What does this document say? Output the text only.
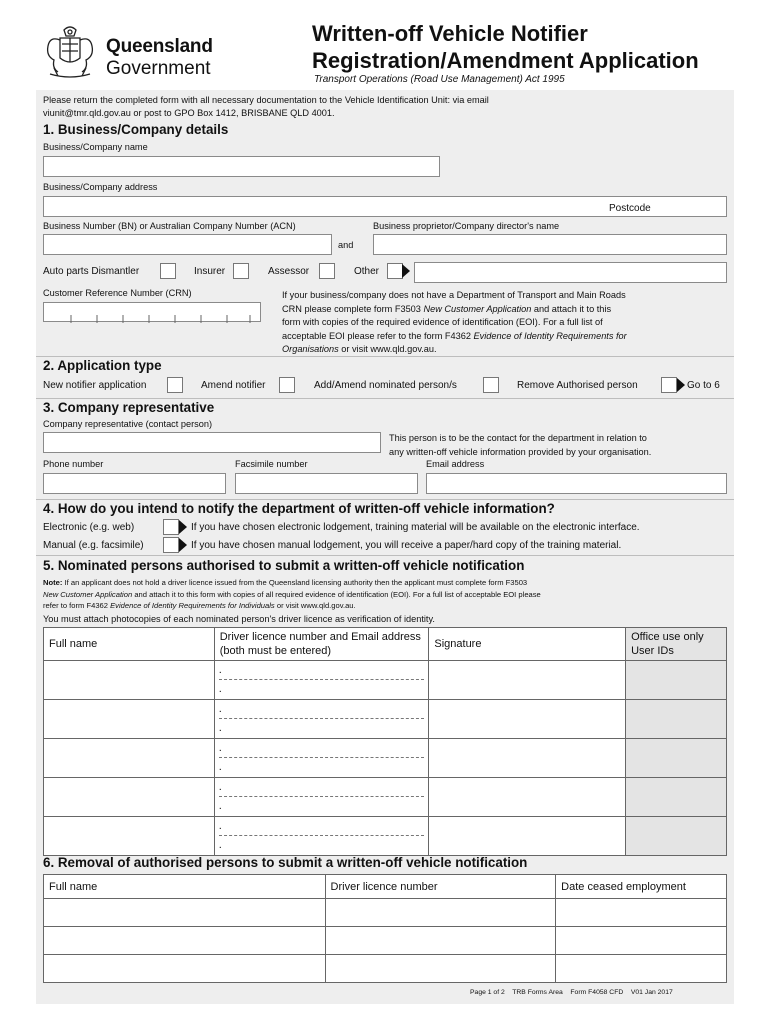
Queensland
Government
Written-off Vehicle Notifier
Registration/Amendment Application
Transport Operations (Road Use Management) Act 1995
Please return the completed form with all necessary documentation to the Vehicle Identification Unit: via email
viunit@tmr.qld.gov.au or post to GPO Box 1412, BRISBANE QLD 4001.
1. Business/Company details
Business/Company name
Business/Company address
Postcode
Business Number (BN) or Australian Company Number (ACN)	Business proprietor/Company director's name
and
Auto parts Dismantler	Insurer	Assessor	Other
Customer Reference Number (CRN)	If your business/company does not have a Department of Transport and Main Roads
CRN please complete form F3503 New Customer Application and attach it to this
form with copies of the required evidence of identification (EOI). For a full list of
acceptable EOI please refer to the form F4362 Evidence of Identity Requirements for
Organisations or visit www.qld.gov.au.
2. Application type
New notifier application	Amend notifier	Add/Amend nominated person/s	Remove Authorised person	Go to 6
3. Company representative
Company representative (contact person)
This person is to be the contact for the department in relation to
any written-off vehicle information provided by your organisation.
Phone number	Facsimile number	Email address
4. How do you intend to notify the department of written-off vehicle information?
Electronic (e.g. web)	If you have chosen electronic lodgement, training material will be available on the electronic interface.
Manual (e.g. facsimile)	If you have chosen manual lodgement, you will receive a paper/hard copy of the training material.
5. Nominated persons authorised to submit a written-off vehicle notification
Note: If an applicant does not hold a driver licence issued from the Queensland licensing authority then the applicant must complete form F3503
New Customer Application and attach it to this form with copies of all required evidence of identification (EOI). For a full list of acceptable EOI please
refer to form F4362 Evidence of Identity Requirements for Individuals or visit www.qld.gov.au.
You must attach photocopies of each nominated person's driver licence as verification of identity.
Full name	Driver licence number and Email address (both must be entered)	Signature	Office use only User IDs

	.
.		

	.
.		

	.
.		

	.
.		

	.
.		

6. Removal of authorised persons to submit a written-off vehicle notification
Full name	Driver licence number	Date ceased employment

Page 1 of 2 TRB Forms Area Form F4058 CFD V01 Jan 2017
